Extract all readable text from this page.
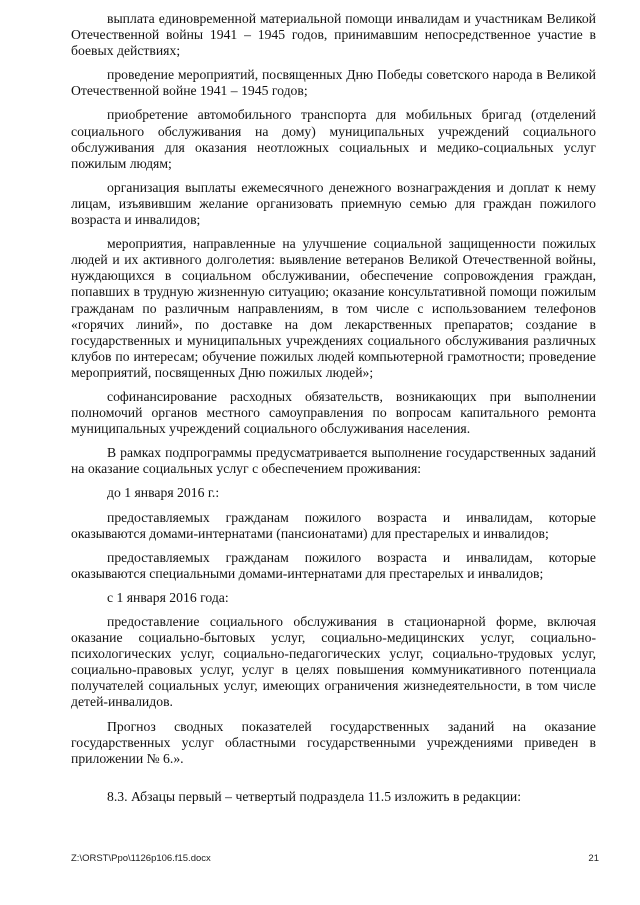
выплата единовременной материальной помощи инвалидам и участникам Великой Отечественной войны 1941 – 1945 годов, принимавшим непосредственное участие в боевых действиях;

проведение мероприятий, посвященных Дню Победы советского народа в Великой Отечественной войне 1941 – 1945 годов;

приобретение автомобильного транспорта для мобильных бригад (отделений социального обслуживания на дому) муниципальных учреждений социального обслуживания для оказания неотложных социальных и медико-социальных услуг пожилым людям;

организация выплаты ежемесячного денежного вознаграждения и доплат к нему лицам, изъявившим желание организовать приемную семью для граждан пожилого возраста и инвалидов;

мероприятия, направленные на улучшение социальной защищенности пожилых людей и их активного долголетия: выявление ветеранов Великой Отечественной войны, нуждающихся в социальном обслуживании, обеспечение сопровождения граждан, попавших в трудную жизненную ситуацию; оказание консультативной помощи пожилым гражданам по различным направлениям, в том числе с использованием телефонов «горячих линий», по доставке на дом лекарственных препаратов; создание в государственных и муниципальных учреждениях социального обслуживания различных клубов по интересам; обучение пожилых людей компьютерной грамотности; проведение мероприятий, посвященных Дню пожилых людей»;

софинансирование расходных обязательств, возникающих при выполнении полномочий органов местного самоуправления по вопросам капитального ремонта муниципальных учреждений социального обслуживания населения.

В рамках подпрограммы предусматривается выполнение государственных заданий на оказание социальных услуг с обеспечением проживания:

до 1 января 2016 г.:

предоставляемых гражданам пожилого возраста и инвалидам, которые оказываются домами-интернатами (пансионатами) для престарелых и инвалидов;

предоставляемых гражданам пожилого возраста и инвалидам, которые оказываются специальными домами-интернатами для престарелых и инвалидов;

с 1 января 2016 года:

предоставление социального обслуживания в стационарной форме, включая оказание социально-бытовых услуг, социально-медицинских услуг, социально-психологических услуг, социально-педагогических услуг, социально-трудовых услуг, социально-правовых услуг, услуг в целях повышения коммуникативного потенциала получателей социальных услуг, имеющих ограничения жизнедеятельности, в том числе детей-инвалидов.

Прогноз сводных показателей государственных заданий на оказание государственных услуг областными государственными учреждениями приведен в приложении № 6.».

8.3. Абзацы первый – четвертый подраздела 11.5 изложить в редакции:

Z:\ORST\Ppo\1126p106.f15.docx	21
